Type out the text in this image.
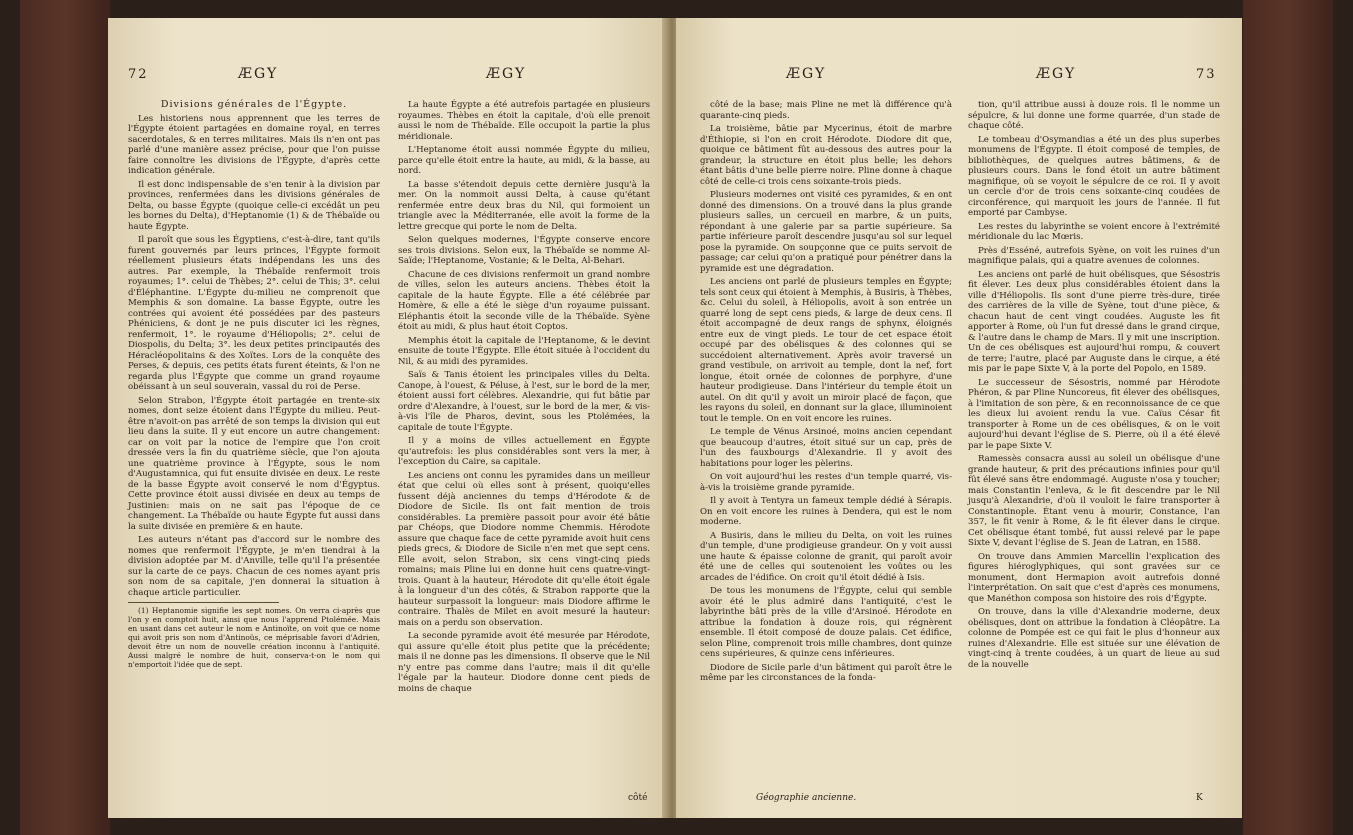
72	ÆGY	ÆGY

Divisions générales de l'Égypte.

Les historiens nous apprennent que les terres de l'Égypte étoient partagées en domaine royal, en terres sacerdotales, & en terres militaires. Mais ils n'en ont pas parlé d'une manière assez précise, pour que l'on puisse faire connoître les divisions de l'Égypte, d'après cette indication générale.

Il est donc indispensable de s'en tenir à la division par provinces, renfermées dans les divisions générales de Delta, ou basse Égypte (quoique celle-ci excédât un peu les bornes du Delta), d'Heptanomie (1) & de Thébaïde ou haute Égypte.

Il paroît que sous les Égyptiens, c'est-à-dire, tant qu'ils furent gouvernés par leurs princes, l'Égypte formoit réellement plusieurs états indépendans les uns des autres. Par exemple, la Thébaïde renfermoit trois royaumes; 1°. celui de Thèbes; 2°. celui de This; 3°. celui d'Éléphantine. L'Égypte du-milieu ne comprenoit que Memphis & son domaine. La basse Égypte, outre les contrées qui avoient été possédées par des pasteurs Phéniciens, & dont je ne puis discuter ici les règnes, renfermoit, 1°. le royaume d'Héliopolis; 2°. celui de Diospolis, du Delta; 3°. les deux petites principautés des Héracléopolitains & des Xoïtes. Lors de la conquête des Perses, & depuis, ces petits états furent éteints, & l'on ne regarda plus l'Égypte que comme un grand royaume obéissant à un seul souverain, vassal du roi de Perse.

Selon Strabon, l'Égypte étoit partagée en trente-six nomes, dont seize étoient dans l'Égypte du milieu. Peut-être n'avoit-on pas arrêté de son temps la division qui eut lieu dans la suite. Il y eut encore un autre changement: car on voit par la notice de l'empire que l'on croit dressée vers la fin du quatrième siècle, que l'on ajouta une quatrième province à l'Égypte, sous le nom d'Augustamnica, qui fut ensuite divisée en deux. Le reste de la basse Égypte avoit conservé le nom d'Égyptus. Cette province étoit aussi divisée en deux au temps de Justinien: mais on ne sait pas l'époque de ce changement. La Thébaïde ou haute Égypte fut aussi dans la suite divisée en première & en haute.

Les auteurs n'étant pas d'accord sur le nombre des nomes que renfermoit l'Égypte, je m'en tiendrai à la division adoptée par M. d'Anville, telle qu'il l'a présentée sur la carte de ce pays. Chacun de ces nomes ayant pris son nom de sa capitale, j'en donnerai la situation à chaque article particulier.

(1) Heptanomie signifie les sept nomes. On verra ci-après que l'on y en comptoit huit, ainsi que nous l'apprend Ptolémée. Mais en usant dans cet auteur le nom e Antinoïte, on voit que ce nome qui avoit pris son nom d'Antinoüs, ce méprisable favori d'Adrien, devoit être un nom de nouvelle création inconnu à l'antiquité. Aussi malgré le nombre de huit, conserva-t-on le nom qui n'emportoit l'idée que de sept.

La haute Égypte a été autrefois partagée en plusieurs royaumes. Thèbes en étoit la capitale, d'où elle prenoit aussi le nom de Thébaïde. Elle occupoit la partie la plus méridionale.

L'Heptanome étoit aussi nommée Égypte du milieu, parce qu'elle étoit entre la haute, au midi, & la basse, au nord.

La basse s'étendoit depuis cette dernière jusqu'à la mer. On la nommoit aussi Delta, à cause qu'étant renfermée entre deux bras du Nil, qui formoient un triangle avec la Méditerranée, elle avoit la forme de la lettre grecque qui porte le nom de Delta.

Selon quelques modernes, l'Égypte conserve encore ses trois divisions. Selon eux, la Thébaïde se nomme Al-Saïde; l'Heptanome, Vostanie; & le Delta, Al-Behari.

Chacune de ces divisions renfermoit un grand nombre de villes, selon les auteurs anciens. Thèbes étoit la capitale de la haute Égypte. Elle a été célébrée par Homère, & elle a été le siège d'un royaume puissant. Eléphantis étoit la seconde ville de la Thébaïde. Syène étoit au midi, & plus haut étoit Coptos.

Memphis étoit la capitale de l'Heptanome, & le devint ensuite de toute l'Égypte. Elle étoit située à l'occident du Nil, & au midi des pyramides.

Saïs & Tanis étoient les principales villes du Delta. Canope, à l'ouest, & Péluse, à l'est, sur le bord de la mer, étoient aussi fort célèbres. Alexandrie, qui fut bâtie par ordre d'Alexandre, à l'ouest, sur le bord de la mer, & vis-à-vis l'île de Pharos, devint, sous les Ptolémées, la capitale de toute l'Égypte.

Il y a moins de villes actuellement en Égypte qu'autrefois: les plus considérables sont vers la mer, à l'exception du Caire, sa capitale.

Les anciens ont connu les pyramides dans un meilleur état que celui où elles sont à présent, quoiqu'elles fussent déjà anciennes du temps d'Hérodote & de Diodore de Sicile. Ils ont fait mention de trois considérables. La première passoit pour avoir été bâtie par Chéops, que Diodore nomme Chemmis. Hérodote assure que chaque face de cette pyramide avoit huit cens pieds grecs, & Diodore de Sicile n'en met que sept cens. Elle avoit, selon Strabon, six cens vingt-cinq pieds romains; mais Pline lui en donne huit cens quatre-vingt-trois. Quant à la hauteur, Hérodote dit qu'elle étoit égale à la longueur d'un des côtés, & Strabon rapporte que la hauteur surpassoit la longueur: mais Diodore affirme le contraire. Thalès de Milet en avoit mesuré la hauteur: mais on a perdu son observation.

La seconde pyramide avoit été mesurée par Hérodote, qui assure qu'elle étoit plus petite que la précédente; mais il ne donne pas les dimensions. Il observe que le Nil n'y entre pas comme dans l'autre; mais il dit qu'elle l'égale par la hauteur. Diodore donne cent pieds de moins de chaque

côté
ÆGY	ÆGY	73

côté de la base; mais Pline ne met là différence qu'à quarante-cinq pieds.

La troisième, bâtie par Mycerinus, étoit de marbre d'Éthiopie, si l'on en croit Hérodote. Diodore dit que, quoique ce bâtiment fût au-dessous des autres pour la grandeur, la structure en étoit plus belle; les dehors étant bâtis d'une belle pierre noire. Pline donne à chaque côté de celle-ci trois cens soixante-trois pieds.

Plusieurs modernes ont visité ces pyramides, & en ont donné des dimensions. On a trouvé dans la plus grande plusieurs salles, un cercueil en marbre, & un puits, répondant à une galerie par sa partie supérieure. Sa partie inférieure paroît descendre jusqu'au sol sur lequel pose la pyramide. On soupçonne que ce puits servoit de passage; car celui qu'on a pratiqué pour pénétrer dans la pyramide est une dégradation.

Les anciens ont parlé de plusieurs temples en Égypte; tels sont ceux qui étoient à Memphis, à Busiris, à Thèbes, &c. Celui du soleil, à Héliopolis, avoit à son entrée un quarré long de sept cens pieds, & large de deux cens. Il étoit accompagné de deux rangs de sphynx, éloignés entre eux de vingt pieds. Le tour de cet espace étoit occupé par des obélisques & des colonnes qui se succédoient alternativement. Après avoir traversé un grand vestibule, on arrivoit au temple, dont la nef, fort longue, étoit ornée de colonnes de porphyre, d'une hauteur prodigieuse. Dans l'intérieur du temple étoit un autel. On dit qu'il y avoit un miroir placé de façon, que les rayons du soleil, en donnant sur la glace, illuminoient tout le temple. On en voit encore les ruines.

Le temple de Vénus Arsinoé, moins ancien cependant que beaucoup d'autres, étoit situé sur un cap, près de l'un des fauxbourgs d'Alexandrie. Il y avoit des habitations pour loger les pèlerins.

On voit aujourd'hui les restes d'un temple quarré, vis-à-vis la troisième grande pyramide.

Il y avoit à Tentyra un fameux temple dédié à Sérapis. On en voit encore les ruines à Dendera, qui est le nom moderne.

A Busiris, dans le milieu du Delta, on voit les ruines d'un temple, d'une prodigieuse grandeur. On y voit aussi une haute & épaisse colonne de granit, qui paroît avoir été une de celles qui soutenoient les voûtes ou les arcades de l'édifice. On croit qu'il étoit dédié à Isis.

De tous les monumens de l'Égypte, celui qui semble avoir été le plus admiré dans l'antiquité, c'est le labyrinthe bâti près de la ville d'Arsinoé. Hérodote en attribue la fondation à douze rois, qui régnèrent ensemble. Il étoit composé de douze palais. Cet édifice, selon Pline, comprenoit trois mille chambres, dont quinze cens supérieures, & quinze cens inférieures.

Diodore de Sicile parle d'un bâtiment qui paroît être le même par les circonstances de la fonda-

Géographie ancienne.

tion, qu'il attribue aussi à douze rois. Il le nomme un sépulcre, & lui donne une forme quarrée, d'un stade de chaque côté.

Le tombeau d'Osymandias a été un des plus superbes monumens de l'Égypte. Il étoit composé de temples, de bibliothèques, de quelques autres bâtimens, & de plusieurs cours. Dans le fond étoit un autre bâtiment magnifique, où se voyoit le sépulcre de ce roi. Il y avoit un cercle d'or de trois cens soixante-cinq coudées de circonférence, qui marquoit les jours de l'année. Il fut emporté par Cambyse.

Les restes du labyrinthe se voient encore à l'extrémité méridionale du lac Mœris.

Près d'Esséné, autrefois Syène, on voit les ruines d'un magnifique palais, qui a quatre avenues de colonnes.

Les anciens ont parlé de huit obélisques, que Sésostris fit élever. Les deux plus considérables étoient dans la ville d'Héliopolis. Ils sont d'une pierre très-dure, tirée des carrières de la ville de Syène, tout d'une pièce, & chacun haut de cent vingt coudées. Auguste les fit apporter à Rome, où l'un fut dressé dans le grand cirque, & l'autre dans le champ de Mars. Il y mit une inscription. Un de ces obélisques est aujourd'hui rompu, & couvert de terre; l'autre, placé par Auguste dans le cirque, a été mis par le pape Sixte V, à la porte del Popolo, en 1589.

Le successeur de Sésostris, nommé par Hérodote Phéron, & par Pline Nuncoreus, fit élever des obélisques, à l'imitation de son père, & en reconnoissance de ce que les dieux lui avoient rendu la vue. Caïus César fit transporter à Rome un de ces obélisques, & on le voit aujourd'hui devant l'église de S. Pierre, où il a été élevé par le pape Sixte V.

Ramessès consacra aussi au soleil un obélisque d'une grande hauteur, & prit des précautions infinies pour qu'il fût élevé sans être endommagé. Auguste n'osa y toucher; mais Constantin l'enleva, & le fit descendre par le Nil jusqu'à Alexandrie, d'où il vouloit le faire transporter à Constantinople. Étant venu à mourir, Constance, l'an 357, le fit venir à Rome, & le fit élever dans le cirque. Cet obélisque étant tombé, fut aussi relevé par le pape Sixte V, devant l'église de S. Jean de Latran, en 1588.

On trouve dans Ammien Marcellin l'explication des figures hiéroglyphiques, qui sont gravées sur ce monument, dont Hermapion avoit autrefois donné l'interprétation. On sait que c'est d'après ces monumens, que Manéthon composa son histoire des rois d'Égypte.

On trouve, dans la ville d'Alexandrie moderne, deux obélisques, dont on attribue la fondation à Cléopâtre. La colonne de Pompée est ce qui fait le plus d'honneur aux ruines d'Alexandrie. Elle est située sur une élévation de vingt-cinq à trente coudées, à un quart de lieue au sud de la nouvelle

K
